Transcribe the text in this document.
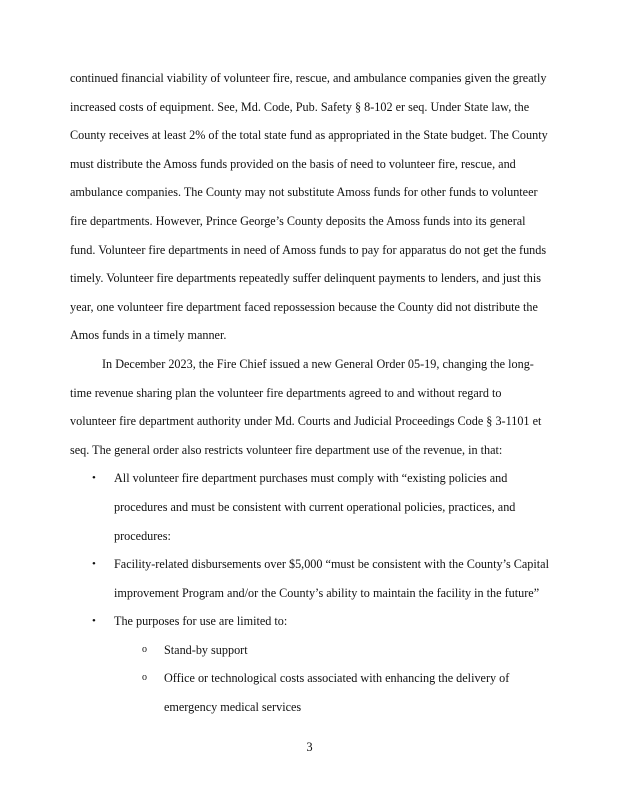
continued financial viability of volunteer fire, rescue, and ambulance companies given the greatly increased costs of equipment. See, Md. Code, Pub. Safety § 8-102 er seq. Under State law, the County receives at least 2% of the total state fund as appropriated in the State budget. The County must distribute the Amoss funds provided on the basis of need to volunteer fire, rescue, and ambulance companies. The County may not substitute Amoss funds for other funds to volunteer fire departments. However, Prince George’s County deposits the Amoss funds into its general fund. Volunteer fire departments in need of Amoss funds to pay for apparatus do not get the funds timely. Volunteer fire departments repeatedly suffer delinquent payments to lenders, and just this year, one volunteer fire department faced repossession because the County did not distribute the Amos funds in a timely manner.

In December 2023, the Fire Chief issued a new General Order 05-19, changing the long-time revenue sharing plan the volunteer fire departments agreed to and without regard to volunteer fire department authority under Md. Courts and Judicial Proceedings Code § 3-1101 et seq. The general order also restricts volunteer fire department use of the revenue, in that:

• All volunteer fire department purchases must comply with “existing policies and procedures and must be consistent with current operational policies, practices, and procedures:
• Facility-related disbursements over $5,000 “must be consistent with the County’s Capital improvement Program and/or the County’s ability to maintain the facility in the future”
• The purposes for use are limited to:
o Stand-by support
o Office or technological costs associated with enhancing the delivery of emergency medical services
3
